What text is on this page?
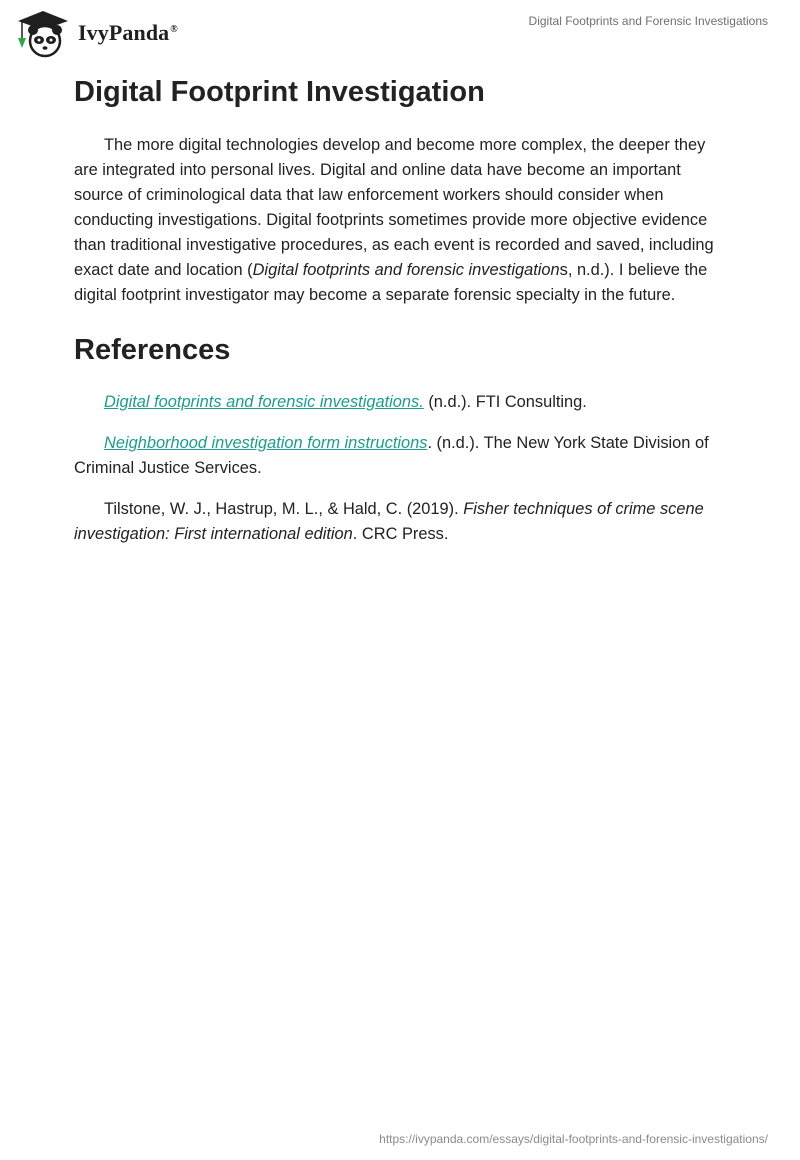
IvyPanda®
Digital Footprints and Forensic Investigations
Digital Footprint Investigation

The more digital technologies develop and become more complex, the deeper they are integrated into personal lives. Digital and online data have become an important source of criminological data that law enforcement workers should consider when conducting investigations. Digital footprints sometimes provide more objective evidence than traditional investigative procedures, as each event is recorded and saved, including exact date and location (Digital footprints and forensic investigations, n.d.). I believe the digital footprint investigator may become a separate forensic specialty in the future.

References

Digital footprints and forensic investigations. (n.d.). FTI Consulting.

Neighborhood investigation form instructions. (n.d.). The New York State Division of Criminal Justice Services.

Tilstone, W. J., Hastrup, M. L., & Hald, C. (2019). Fisher techniques of crime scene investigation: First international edition. CRC Press.

https://ivypanda.com/essays/digital-footprints-and-forensic-investigations/
